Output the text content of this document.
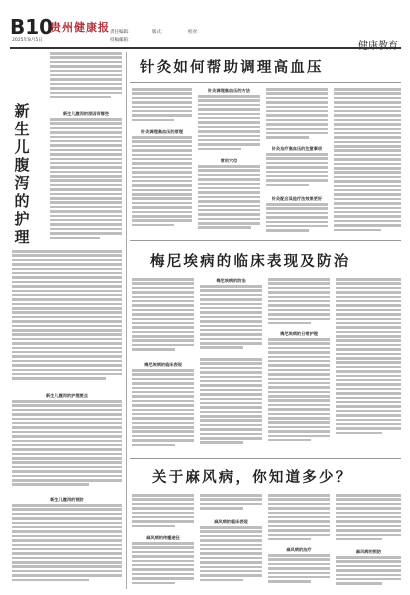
B10
贵州健康报
2025年8月5日
责任编辑：	版式：	校对：
投稿邮箱：
新生儿腹泻的护理
新生儿腹泻的原因有哪些
新生儿腹泻的护理要点
新生儿腹泻的预防
针灸如何帮助调理高血压
针灸调理高血压的原理
针灸调理高血压的方法
常用穴位
针灸治疗高血压的注意事项
针灸配合其他疗法效果更好
梅尼埃病的临床表现及防治
梅尼埃病的临床表现
梅尼埃病的防治
梅尼埃病的日常护理
关于麻风病，你知道多少？
麻风病的传播途径
麻风病的临床表现
麻风病的治疗	麻风病的预防
